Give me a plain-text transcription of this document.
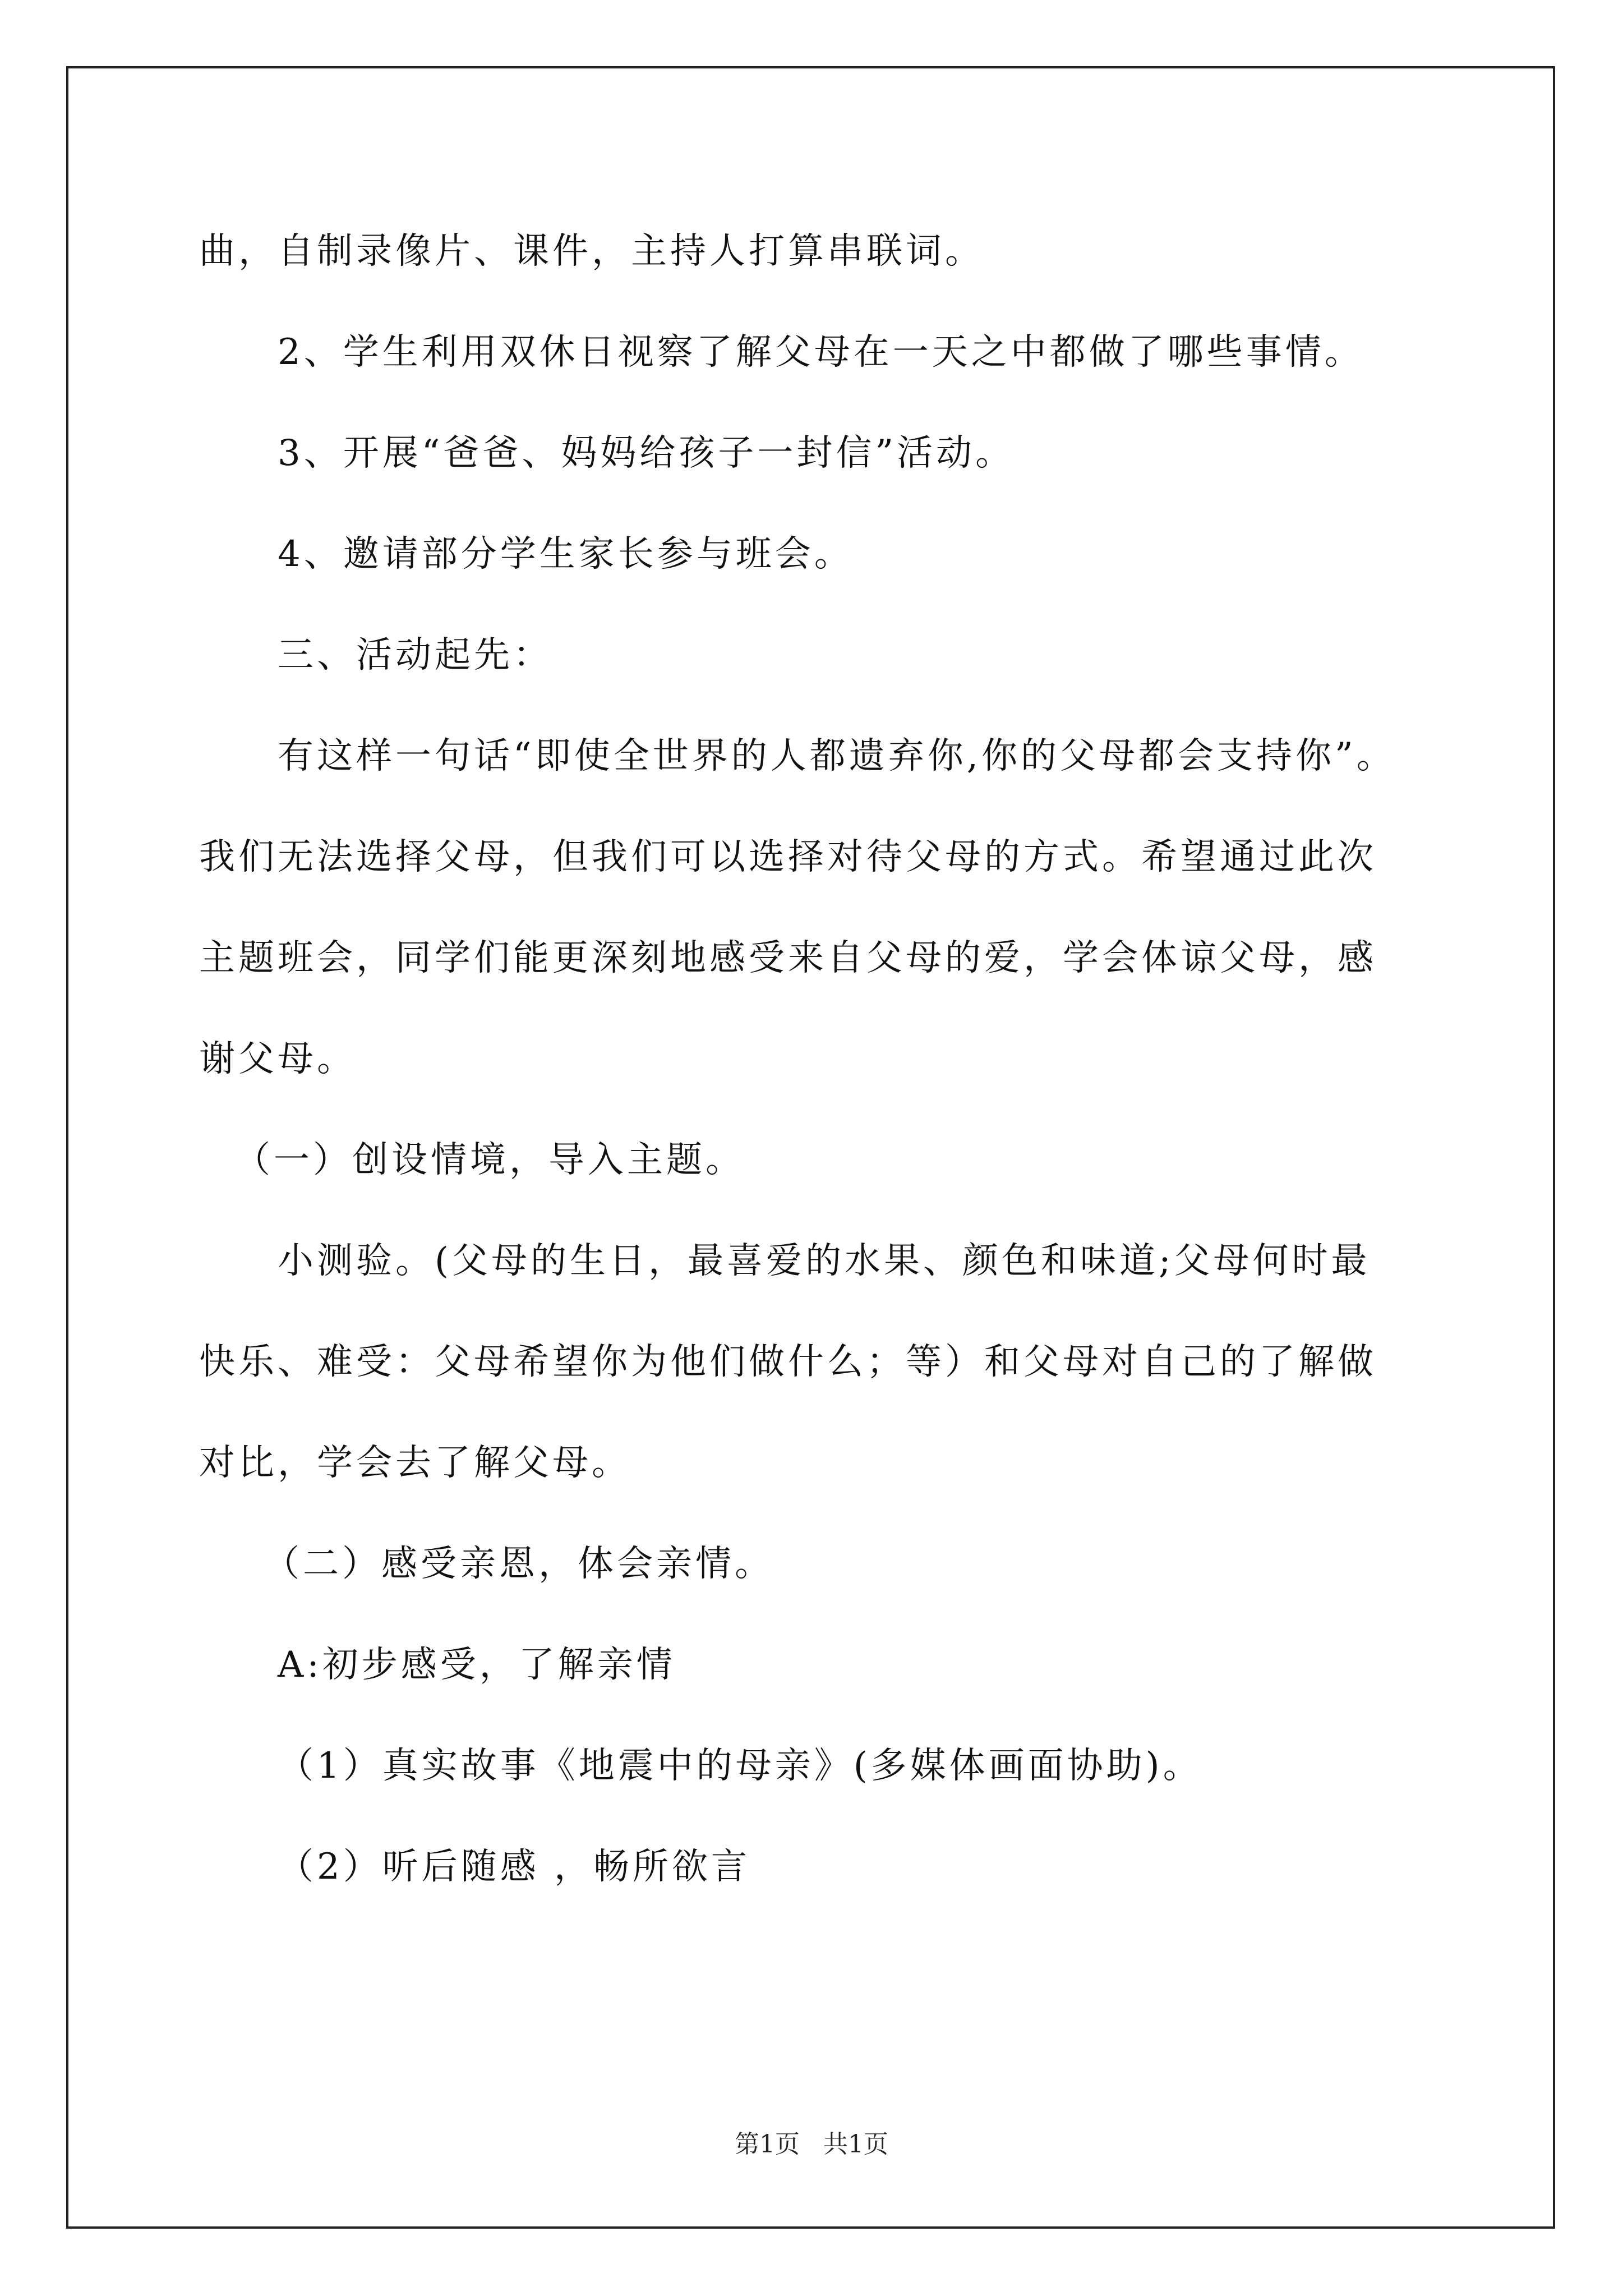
曲，自制录像片、课件，主持人打算串联词。
2、学生利用双休日视察了解父母在一天之中都做了哪些事情。
3、开展“爸爸、妈妈给孩子一封信”活动。
4、邀请部分学生家长参与班会。
三、活动起先：
有这样一句话“即使全世界的人都遗弃你,你的父母都会支持你”。
我们无法选择父母，但我们可以选择对待父母的方式。希望通过此次
主题班会，同学们能更深刻地感受来自父母的爱，学会体谅父母，感
谢父母。
（一）创设情境，导入主题。
小测验。(父母的生日，最喜爱的水果、颜色和味道;父母何时最
快乐、难受：父母希望你为他们做什么；等）和父母对自己的了解做
对比，学会去了解父母。
（二）感受亲恩，体会亲情。
A:初步感受，了解亲情
（1）真实故事《地震中的母亲》(多媒体画面协助)。
（2）听后随感 ，畅所欲言
第1页   共1页
